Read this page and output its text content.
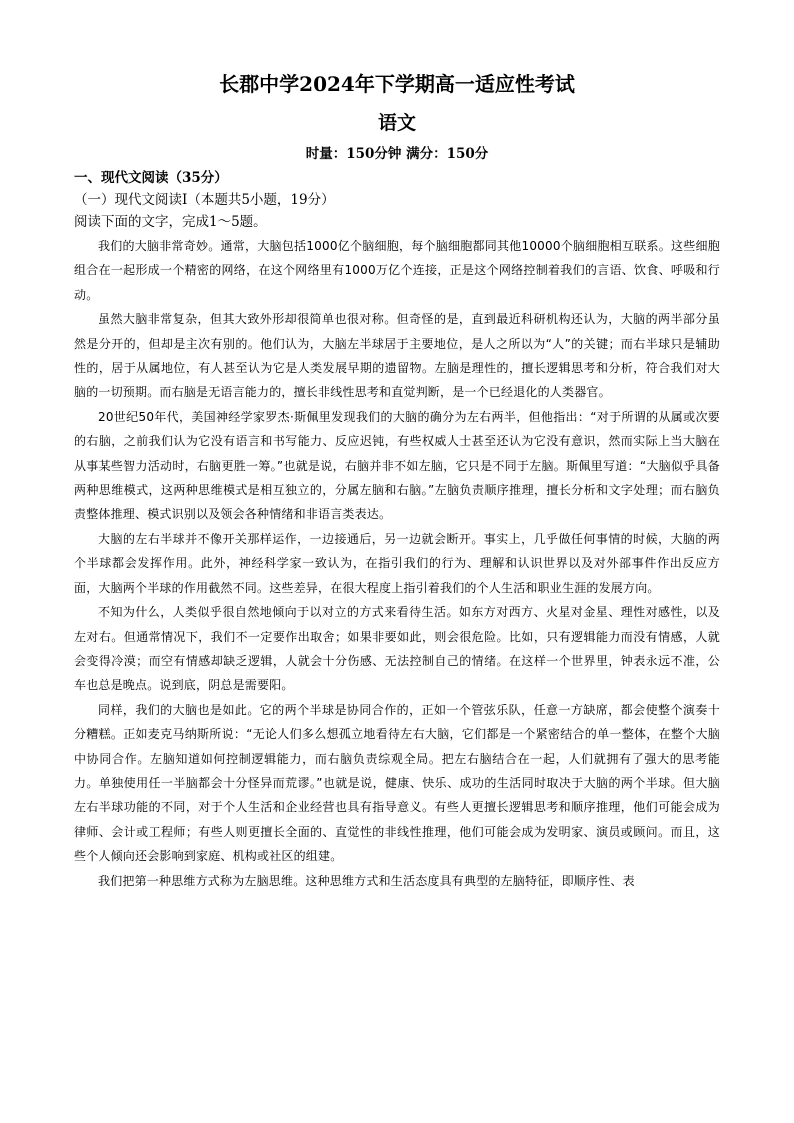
长郡中学2024年下学期高一适应性考试
语文
时量：150分钟 满分：150分
一、现代文阅读（35分）
（一）现代文阅读Ⅰ（本题共5小题，19分）
阅读下面的文字，完成1～5题。

我们的大脑非常奇妙。通常，大脑包括1000亿个脑细胞，每个脑细胞都同其他10000个脑细胞相互联系。这些细胞组合在一起形成一个精密的网络，在这个网络里有1000万亿个连接，正是这个网络控制着我们的言语、饮食、呼吸和行动。

虽然大脑非常复杂，但其大致外形却很简单也很对称。但奇怪的是，直到最近科研机构还认为，大脑的两半部分虽然是分开的，但却是主次有别的。他们认为，大脑左半球居于主要地位，是人之所以为“人”的关键；而右半球只是辅助性的，居于从属地位，有人甚至认为它是人类发展早期的遗留物。左脑是理性的，擅长逻辑思考和分析，符合我们对大脑的一切预期。而右脑是无语言能力的，擅长非线性思考和直觉判断，是一个已经退化的人类器官。

20世纪50年代，美国神经学家罗杰·斯佩里发现我们的大脑的确分为左右两半，但他指出：“对于所谓的从属或次要的右脑，之前我们认为它没有语言和书写能力、反应迟钝，有些权威人士甚至还认为它没有意识，然而实际上当大脑在从事某些智力活动时，右脑更胜一筹。”也就是说，右脑并非不如左脑，它只是不同于左脑。斯佩里写道：“大脑似乎具备两种思维模式，这两种思维模式是相互独立的，分属左脑和右脑。”左脑负责顺序推理，擅长分析和文字处理；而右脑负责整体推理、模式识别以及领会各种情绪和非语言类表达。

大脑的左右半球并不像开关那样运作，一边接通后，另一边就会断开。事实上，几乎做任何事情的时候，大脑的两个半球都会发挥作用。此外，神经科学家一致认为，在指引我们的行为、理解和认识世界以及对外部事件作出反应方面，大脑两个半球的作用截然不同。这些差异，在很大程度上指引着我们的个人生活和职业生涯的发展方向。

不知为什么，人类似乎很自然地倾向于以对立的方式来看待生活。如东方对西方、火星对金星、理性对感性，以及左对右。但通常情况下，我们不一定要作出取舍；如果非要如此，则会很危险。比如，只有逻辑能力而没有情感，人就会变得冷漠；而空有情感却缺乏逻辑，人就会十分伤感、无法控制自己的情绪。在这样一个世界里，钟表永远不准，公车也总是晚点。说到底，阴总是需要阳。

同样，我们的大脑也是如此。它的两个半球是协同合作的，正如一个管弦乐队，任意一方缺席，都会使整个演奏十分糟糕。正如麦克马纳斯所说：“无论人们多么想孤立地看待左右大脑，它们都是一个紧密结合的单一整体，在整个大脑中协同合作。左脑知道如何控制逻辑能力，而右脑负责综观全局。把左右脑结合在一起，人们就拥有了强大的思考能力。单独使用任一半脑都会十分怪异而荒谬。”也就是说，健康、快乐、成功的生活同时取决于大脑的两个半球。但大脑左右半球功能的不同，对于个人生活和企业经营也具有指导意义。有些人更擅长逻辑思考和顺序推理，他们可能会成为律师、会计或工程师；有些人则更擅长全面的、直觉性的非线性推理，他们可能会成为发明家、演员或顾问。而且，这些个人倾向还会影响到家庭、机构或社区的组建。

我们把第一种思维方式称为左脑思维。这种思维方式和生活态度具有典型的左脑特征，即顺序性、表
